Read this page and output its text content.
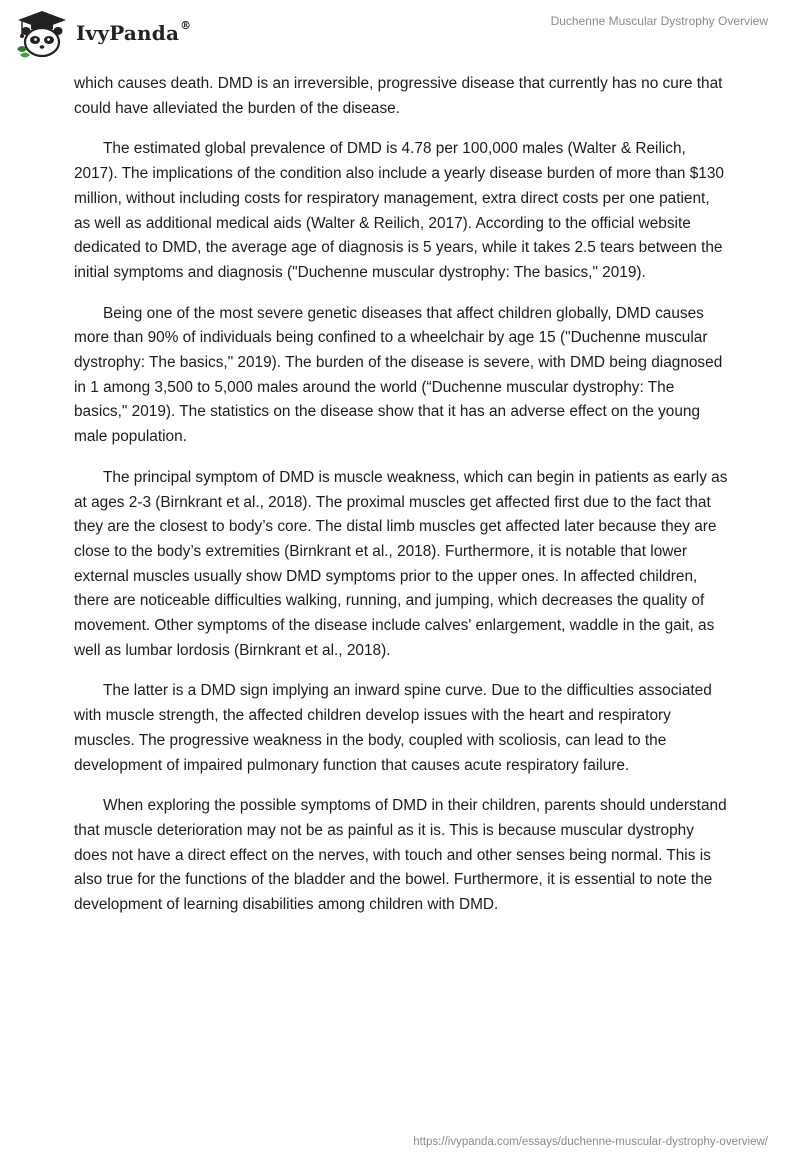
IvyPanda®	Duchenne Muscular Dystrophy Overview

which causes death. DMD is an irreversible, progressive disease that currently has no cure that could have alleviated the burden of the disease.

The estimated global prevalence of DMD is 4.78 per 100,000 males (Walter & Reilich, 2017). The implications of the condition also include a yearly disease burden of more than $130 million, without including costs for respiratory management, extra direct costs per one patient, as well as additional medical aids (Walter & Reilich, 2017). According to the official website dedicated to DMD, the average age of diagnosis is 5 years, while it takes 2.5 tears between the initial symptoms and diagnosis ("Duchenne muscular dystrophy: The basics," 2019).

Being one of the most severe genetic diseases that affect children globally, DMD causes more than 90% of individuals being confined to a wheelchair by age 15 ("Duchenne muscular dystrophy: The basics," 2019). The burden of the disease is severe, with DMD being diagnosed in 1 among 3,500 to 5,000 males around the world (“Duchenne muscular dystrophy: The basics," 2019). The statistics on the disease show that it has an adverse effect on the young male population.

The principal symptom of DMD is muscle weakness, which can begin in patients as early as at ages 2-3 (Birnkrant et al., 2018). The proximal muscles get affected first due to the fact that they are the closest to body’s core. The distal limb muscles get affected later because they are close to the body’s extremities (Birnkrant et al., 2018). Furthermore, it is notable that lower external muscles usually show DMD symptoms prior to the upper ones. In affected children, there are noticeable difficulties walking, running, and jumping, which decreases the quality of movement. Other symptoms of the disease include calves' enlargement, waddle in the gait, as well as lumbar lordosis (Birnkrant et al., 2018).

The latter is a DMD sign implying an inward spine curve. Due to the difficulties associated with muscle strength, the affected children develop issues with the heart and respiratory muscles. The progressive weakness in the body, coupled with scoliosis, can lead to the development of impaired pulmonary function that causes acute respiratory failure.

When exploring the possible symptoms of DMD in their children, parents should understand that muscle deterioration may not be as painful as it is. This is because muscular dystrophy does not have a direct effect on the nerves, with touch and other senses being normal. This is also true for the functions of the bladder and the bowel. Furthermore, it is essential to note the development of learning disabilities among children with DMD.

https://ivypanda.com/essays/duchenne-muscular-dystrophy-overview/
